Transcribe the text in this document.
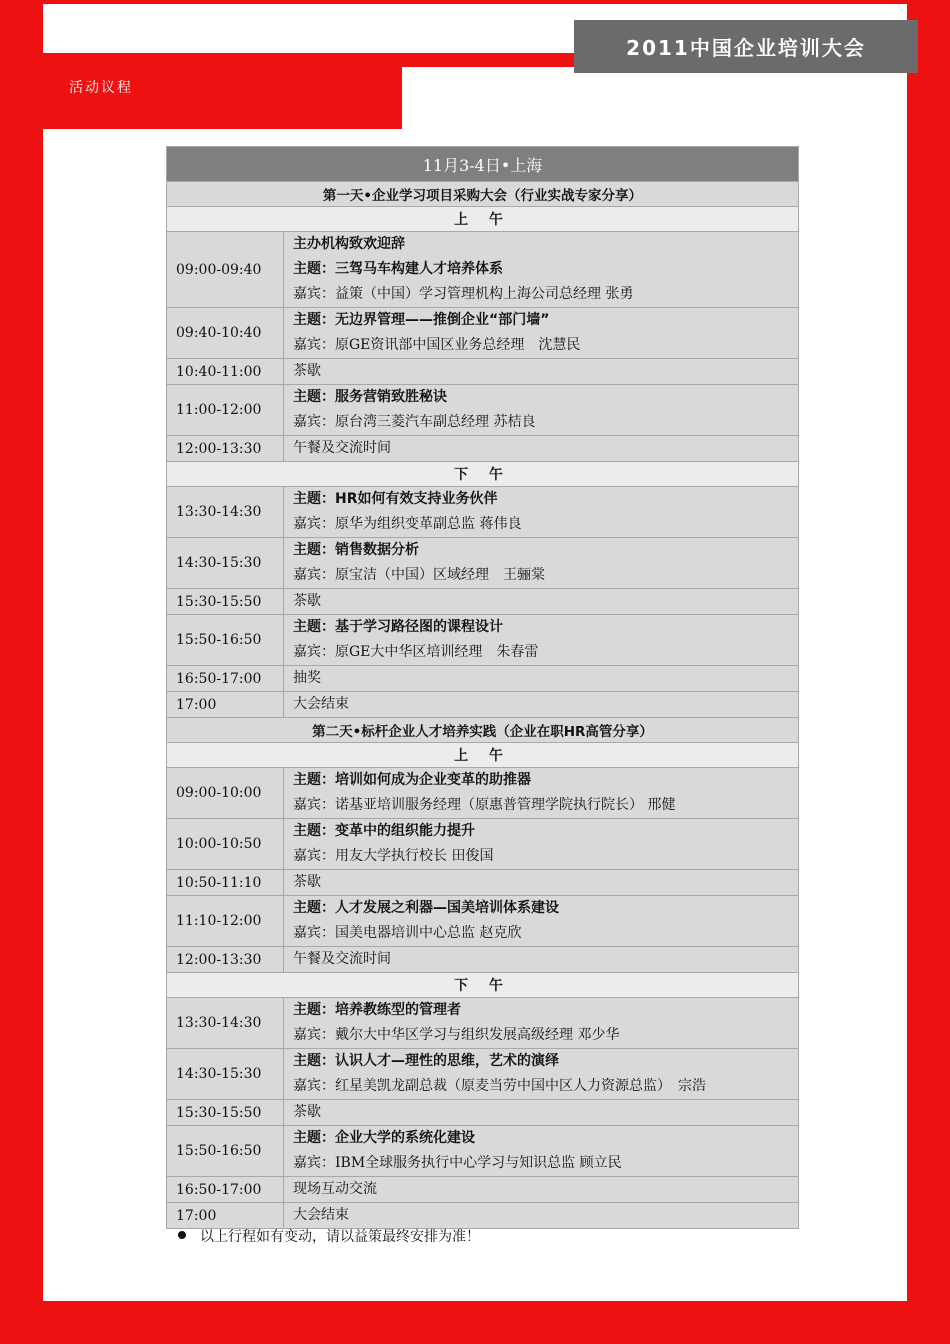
2011中国企业培训大会
活动议程
11月3-4日•上海	
第一天•企业学习项目采购大会（行业实战专家分享）	
上 午	
09:00-09:40	主办机构致欢迎辞
主题：三驾马车构建人才培养体系
嘉宾：益策（中国）学习管理机构上海公司总经理 张勇

09:40-10:40	主题：无边界管理——推倒企业“部门墙”
嘉宾：原GE资讯部中国区业务总经理　沈慧民

10:40-11:00	茶歇

11:00-12:00	主题：服务营销致胜秘诀
嘉宾：原台湾三菱汽车副总经理 苏桔良

12:00-13:30	午餐及交流时间

下 午	
13:30-14:30	主题：HR如何有效支持业务伙伴
嘉宾：原华为组织变革副总监 蒋伟良

14:30-15:30	主题：销售数据分析
嘉宾：原宝洁（中国）区域经理　王骊棠

15:30-15:50	茶歇

15:50-16:50	主题：基于学习路径图的课程设计
嘉宾：原GE大中华区培训经理　朱春雷

16:50-17:00	抽奖

17:00	大会结束

第二天•标杆企业人才培养实践（企业在职HR高管分享）	
上 午	
09:00-10:00	主题：培训如何成为企业变革的助推器
嘉宾：诺基亚培训服务经理（原惠普管理学院执行院长） 邢健

10:00-10:50	主题：变革中的组织能力提升
嘉宾：用友大学执行校长 田俊国

10:50-11:10	茶歇

11:10-12:00	主题：人才发展之利器—国美培训体系建设
嘉宾：国美电器培训中心总监 赵克欣

12:00-13:30	午餐及交流时间

下 午	
13:30-14:30	主题：培养教练型的管理者
嘉宾：戴尔大中华区学习与组织发展高级经理 邓少华

14:30-15:30	主题：认识人才—理性的思维，艺术的演绎
嘉宾：红星美凯龙副总裁（原麦当劳中国中区人力资源总监）　宗浩

15:30-15:50	茶歇

15:50-16:50	主题：企业大学的系统化建设
嘉宾：IBM全球服务执行中心学习与知识总监 顾立民

16:50-17:00	现场互动交流

17:00	大会结束
以上行程如有变动，请以益策最终安排为准！
